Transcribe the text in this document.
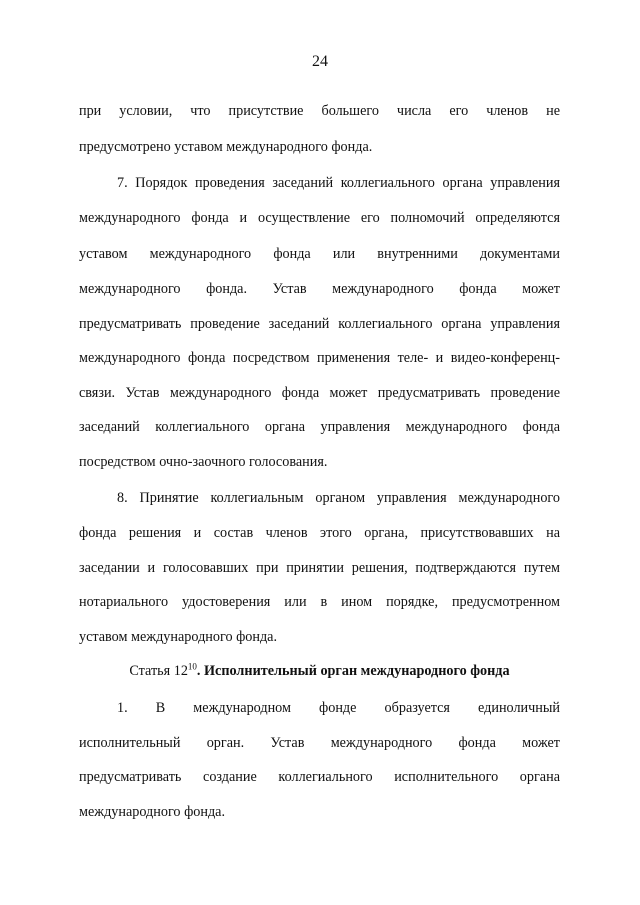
24
при условии, что присутствие большего числа его членов не
предусмотрено уставом международного фонда.
7. Порядок проведения заседаний коллегиального органа управления
международного фонда и осуществление его полномочий определяются
уставом международного фонда или внутренними документами
международного фонда. Устав международного фонда может
предусматривать проведение заседаний коллегиального органа управления
международного фонда посредством применения теле- и видео-конференц-
связи. Устав международного фонда может предусматривать проведение
заседаний коллегиального органа управления международного фонда
посредством очно-заочного голосования.
8. Принятие коллегиальным органом управления международного
фонда решения и состав членов этого органа, присутствовавших на
заседании и голосовавших при принятии решения, подтверждаются путем
нотариального удостоверения или в ином порядке, предусмотренном
уставом международного фонда.
Статья $12^{10}$. Исполнительный орган международного фонда
1. В международном фонде образуется единоличный
исполнительный орган. Устав международного фонда может
предусматривать создание коллегиального исполнительного органа
международного фонда.
